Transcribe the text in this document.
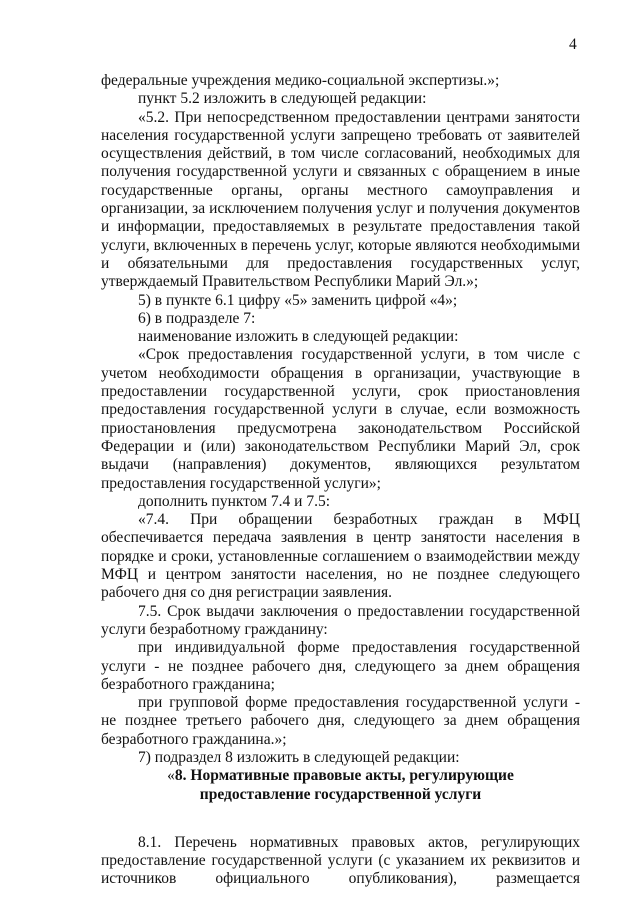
4

федеральные учреждения медико-социальной экспертизы.»;

пункт 5.2 изложить в следующей редакции:

«5.2. При непосредственном предоставлении центрами занятости населения государственной услуги запрещено требовать от заявителей осуществления действий, в том числе согласований, необходимых для получения государственной услуги и связанных с обращением в иные государственные органы, органы местного самоуправления и организации, за исключением получения услуг и получения документов и информации, предоставляемых в результате предоставления такой услуги, включенных в перечень услуг, которые являются необходимыми и обязательными для предоставления государственных услуг, утверждаемый Правительством Республики Марий Эл.»;

5) в пункте 6.1 цифру «5» заменить цифрой «4»;

6) в подразделе 7:

наименование изложить в следующей редакции:

«Срок предоставления государственной услуги, в том числе с учетом необходимости обращения в организации, участвующие в предоставлении государственной услуги, срок приостановления предоставления государственной услуги в случае, если возможность приостановления предусмотрена законодательством Российской Федерации и (или) законодательством Республики Марий Эл, срок выдачи (направления) документов, являющихся результатом предоставления государственной услуги»;

дополнить пунктом 7.4 и 7.5:

«7.4. При обращении безработных граждан в МФЦ обеспечивается передача заявления в центр занятости населения в порядке и сроки, установленные соглашением о взаимодействии между МФЦ и центром занятости населения, но не позднее следующего рабочего дня со дня регистрации заявления.

7.5. Срок выдачи заключения о предоставлении государственной услуги безработному гражданину:

при индивидуальной форме предоставления государственной услуги - не позднее рабочего дня, следующего за днем обращения безработного гражданина;

при групповой форме предоставления государственной услуги - не позднее третьего рабочего дня, следующего за днем обращения безработного гражданина.»;

7) подраздел 8 изложить в следующей редакции:

«8. Нормативные правовые акты, регулирующие
предоставление государственной услуги

8.1. Перечень нормативных правовых актов, регулирующих предоставление государственной услуги (с указанием их реквизитов и источников официального опубликования), размещается
